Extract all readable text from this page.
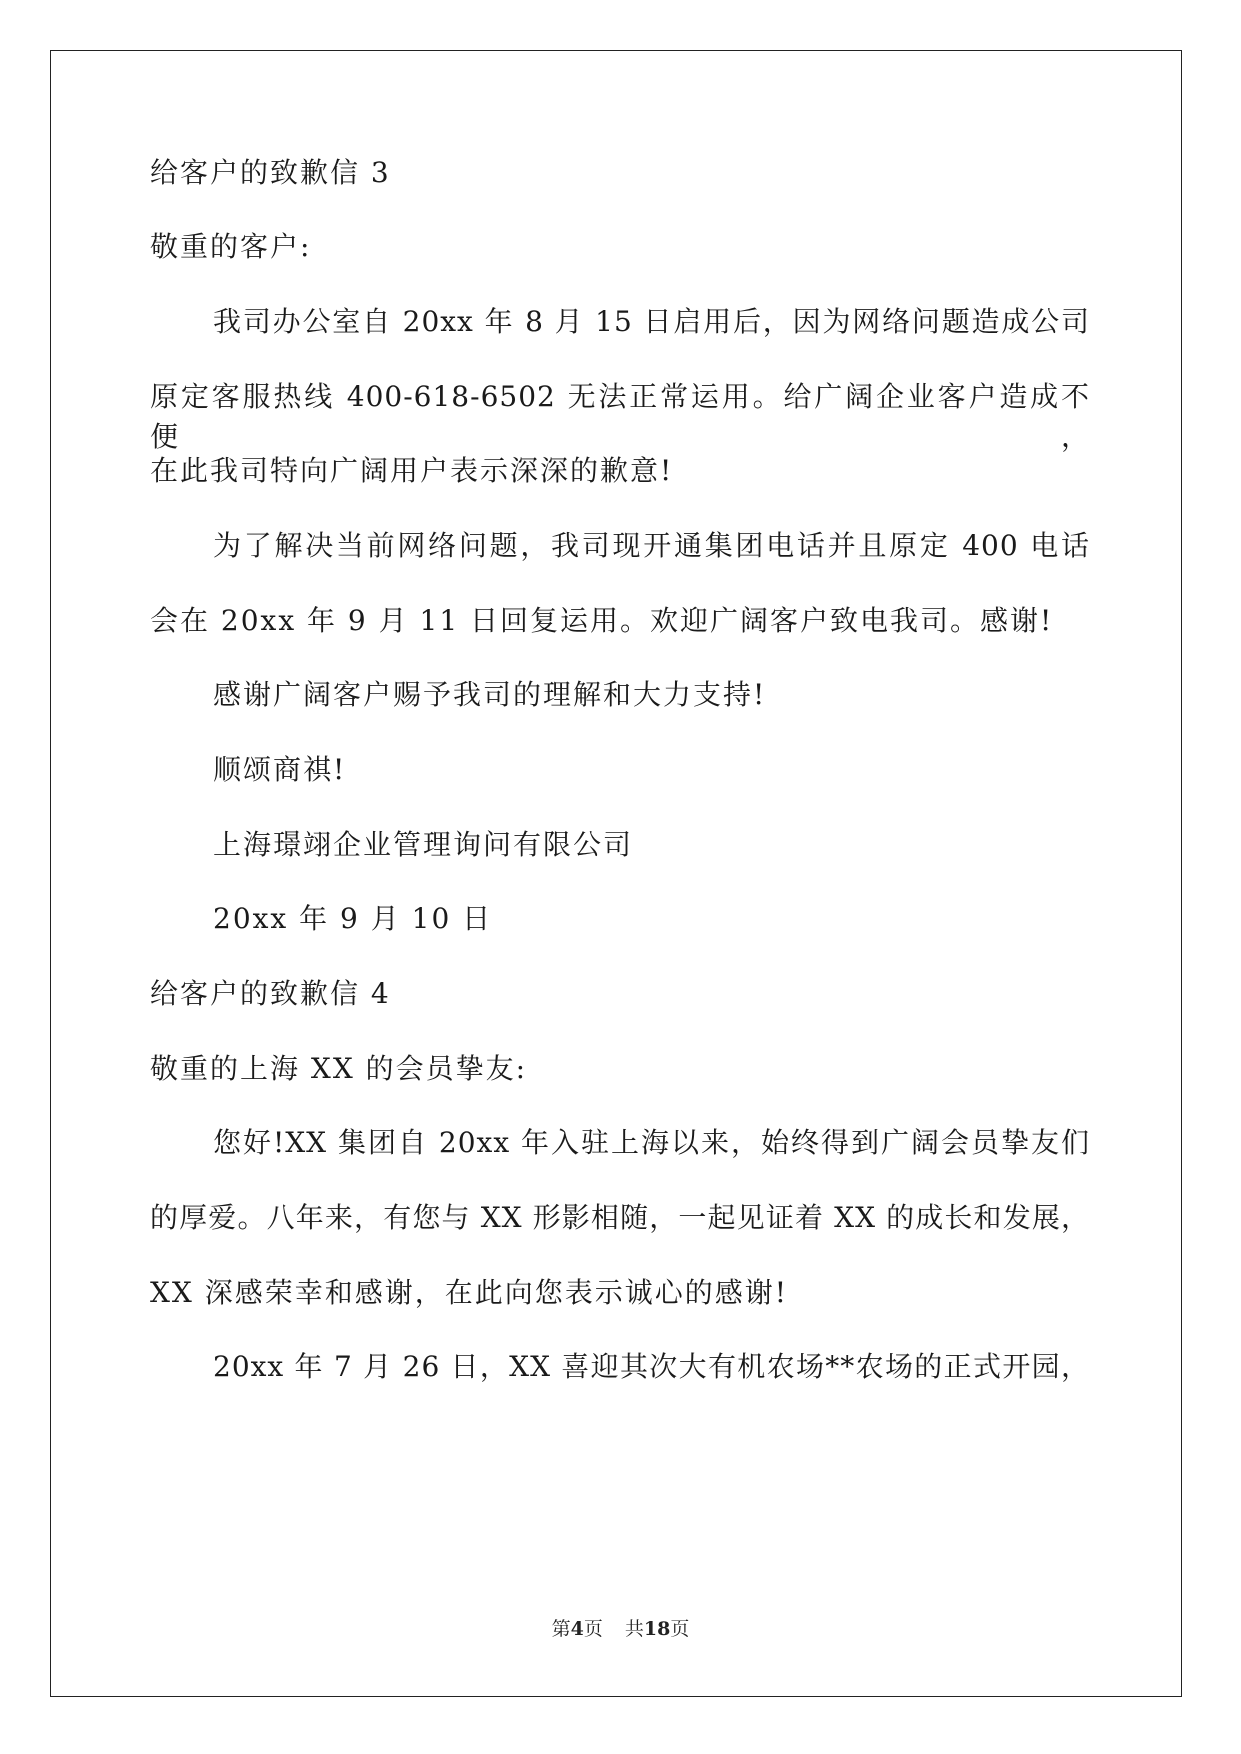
给客户的致歉信 3
敬重的客户:
我司办公室自 20xx 年 8 月 15 日启用后，因为网络问题造成公司
原定客服热线 400-618-6502 无法正常运用。给广阔企业客户造成不便，
在此我司特向广阔用户表示深深的歉意!
为了解决当前网络问题，我司现开通集团电话并且原定 400 电话
会在 20xx 年 9 月 11 日回复运用。欢迎广阔客户致电我司。感谢!
感谢广阔客户赐予我司的理解和大力支持!
顺颂商祺!
上海璟翊企业管理询问有限公司
20xx 年 9 月 10 日
给客户的致歉信 4
敬重的上海 XX 的会员挚友:
您好!XX 集团自 20xx 年入驻上海以来，始终得到广阔会员挚友们
的厚爱。八年来，有您与 XX 形影相随，一起见证着 XX 的成长和发展，
XX 深感荣幸和感谢，在此向您表示诚心的感谢!
20xx 年 7 月 26 日，XX 喜迎其次大有机农场**农场的正式开园，
第4页 共18页
